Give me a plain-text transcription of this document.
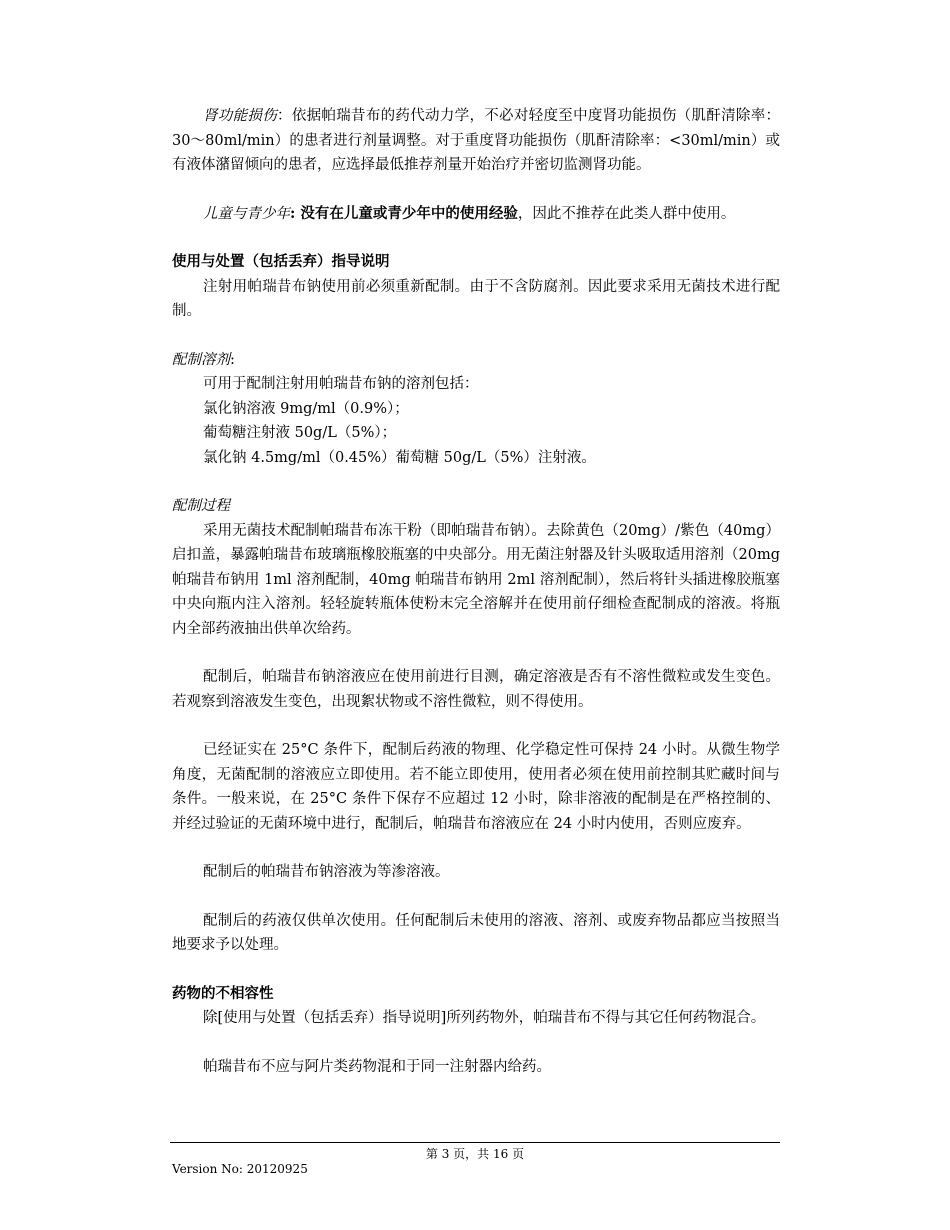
肾功能损伤：依据帕瑞昔布的药代动力学，不必对轻度至中度肾功能损伤（肌酐清除率：30～80ml/min）的患者进行剂量调整。对于重度肾功能损伤（肌酐清除率：<30ml/min）或有液体潴留倾向的患者，应选择最低推荐剂量开始治疗并密切监测肾功能。

儿童与青少年: 没有在儿童或青少年中的使用经验，因此不推荐在此类人群中使用。

使用与处置（包括丢弃）指导说明

注射用帕瑞昔布钠使用前必须重新配制。由于不含防腐剂。因此要求采用无菌技术进行配制。

配制溶剂:

可用于配制注射用帕瑞昔布钠的溶剂包括：

氯化钠溶液 9mg/ml（0.9%）；

葡萄糖注射液 50g/L（5%）；

氯化钠 4.5mg/ml（0.45%）葡萄糖 50g/L（5%）注射液。

配制过程

采用无菌技术配制帕瑞昔布冻干粉（即帕瑞昔布钠）。去除黄色（20mg）/紫色（40mg）启扣盖，暴露帕瑞昔布玻璃瓶橡胶瓶塞的中央部分。用无菌注射器及针头吸取适用溶剂（20mg 帕瑞昔布钠用 1ml 溶剂配制，40mg 帕瑞昔布钠用 2ml 溶剂配制），然后将针头插进橡胶瓶塞中央向瓶内注入溶剂。轻轻旋转瓶体使粉末完全溶解并在使用前仔细检查配制成的溶液。将瓶内全部药液抽出供单次给药。

配制后，帕瑞昔布钠溶液应在使用前进行目测，确定溶液是否有不溶性微粒或发生变色。若观察到溶液发生变色，出现絮状物或不溶性微粒，则不得使用。

已经证实在 25°C 条件下，配制后药液的物理、化学稳定性可保持 24 小时。从微生物学角度，无菌配制的溶液应立即使用。若不能立即使用，使用者必须在使用前控制其贮藏时间与条件。一般来说，在 25°C 条件下保存不应超过 12 小时，除非溶液的配制是在严格控制的、并经过验证的无菌环境中进行，配制后，帕瑞昔布溶液应在 24 小时内使用，否则应废弃。

配制后的帕瑞昔布钠溶液为等渗溶液。

配制后的药液仅供单次使用。任何配制后未使用的溶液、溶剂、或废弃物品都应当按照当地要求予以处理。

药物的不相容性

除[使用与处置（包括丢弃）指导说明]所列药物外，帕瑞昔布不得与其它任何药物混合。

帕瑞昔布不应与阿片类药物混和于同一注射器内给药。

第 3 页，共 16 页
Version No: 20120925
